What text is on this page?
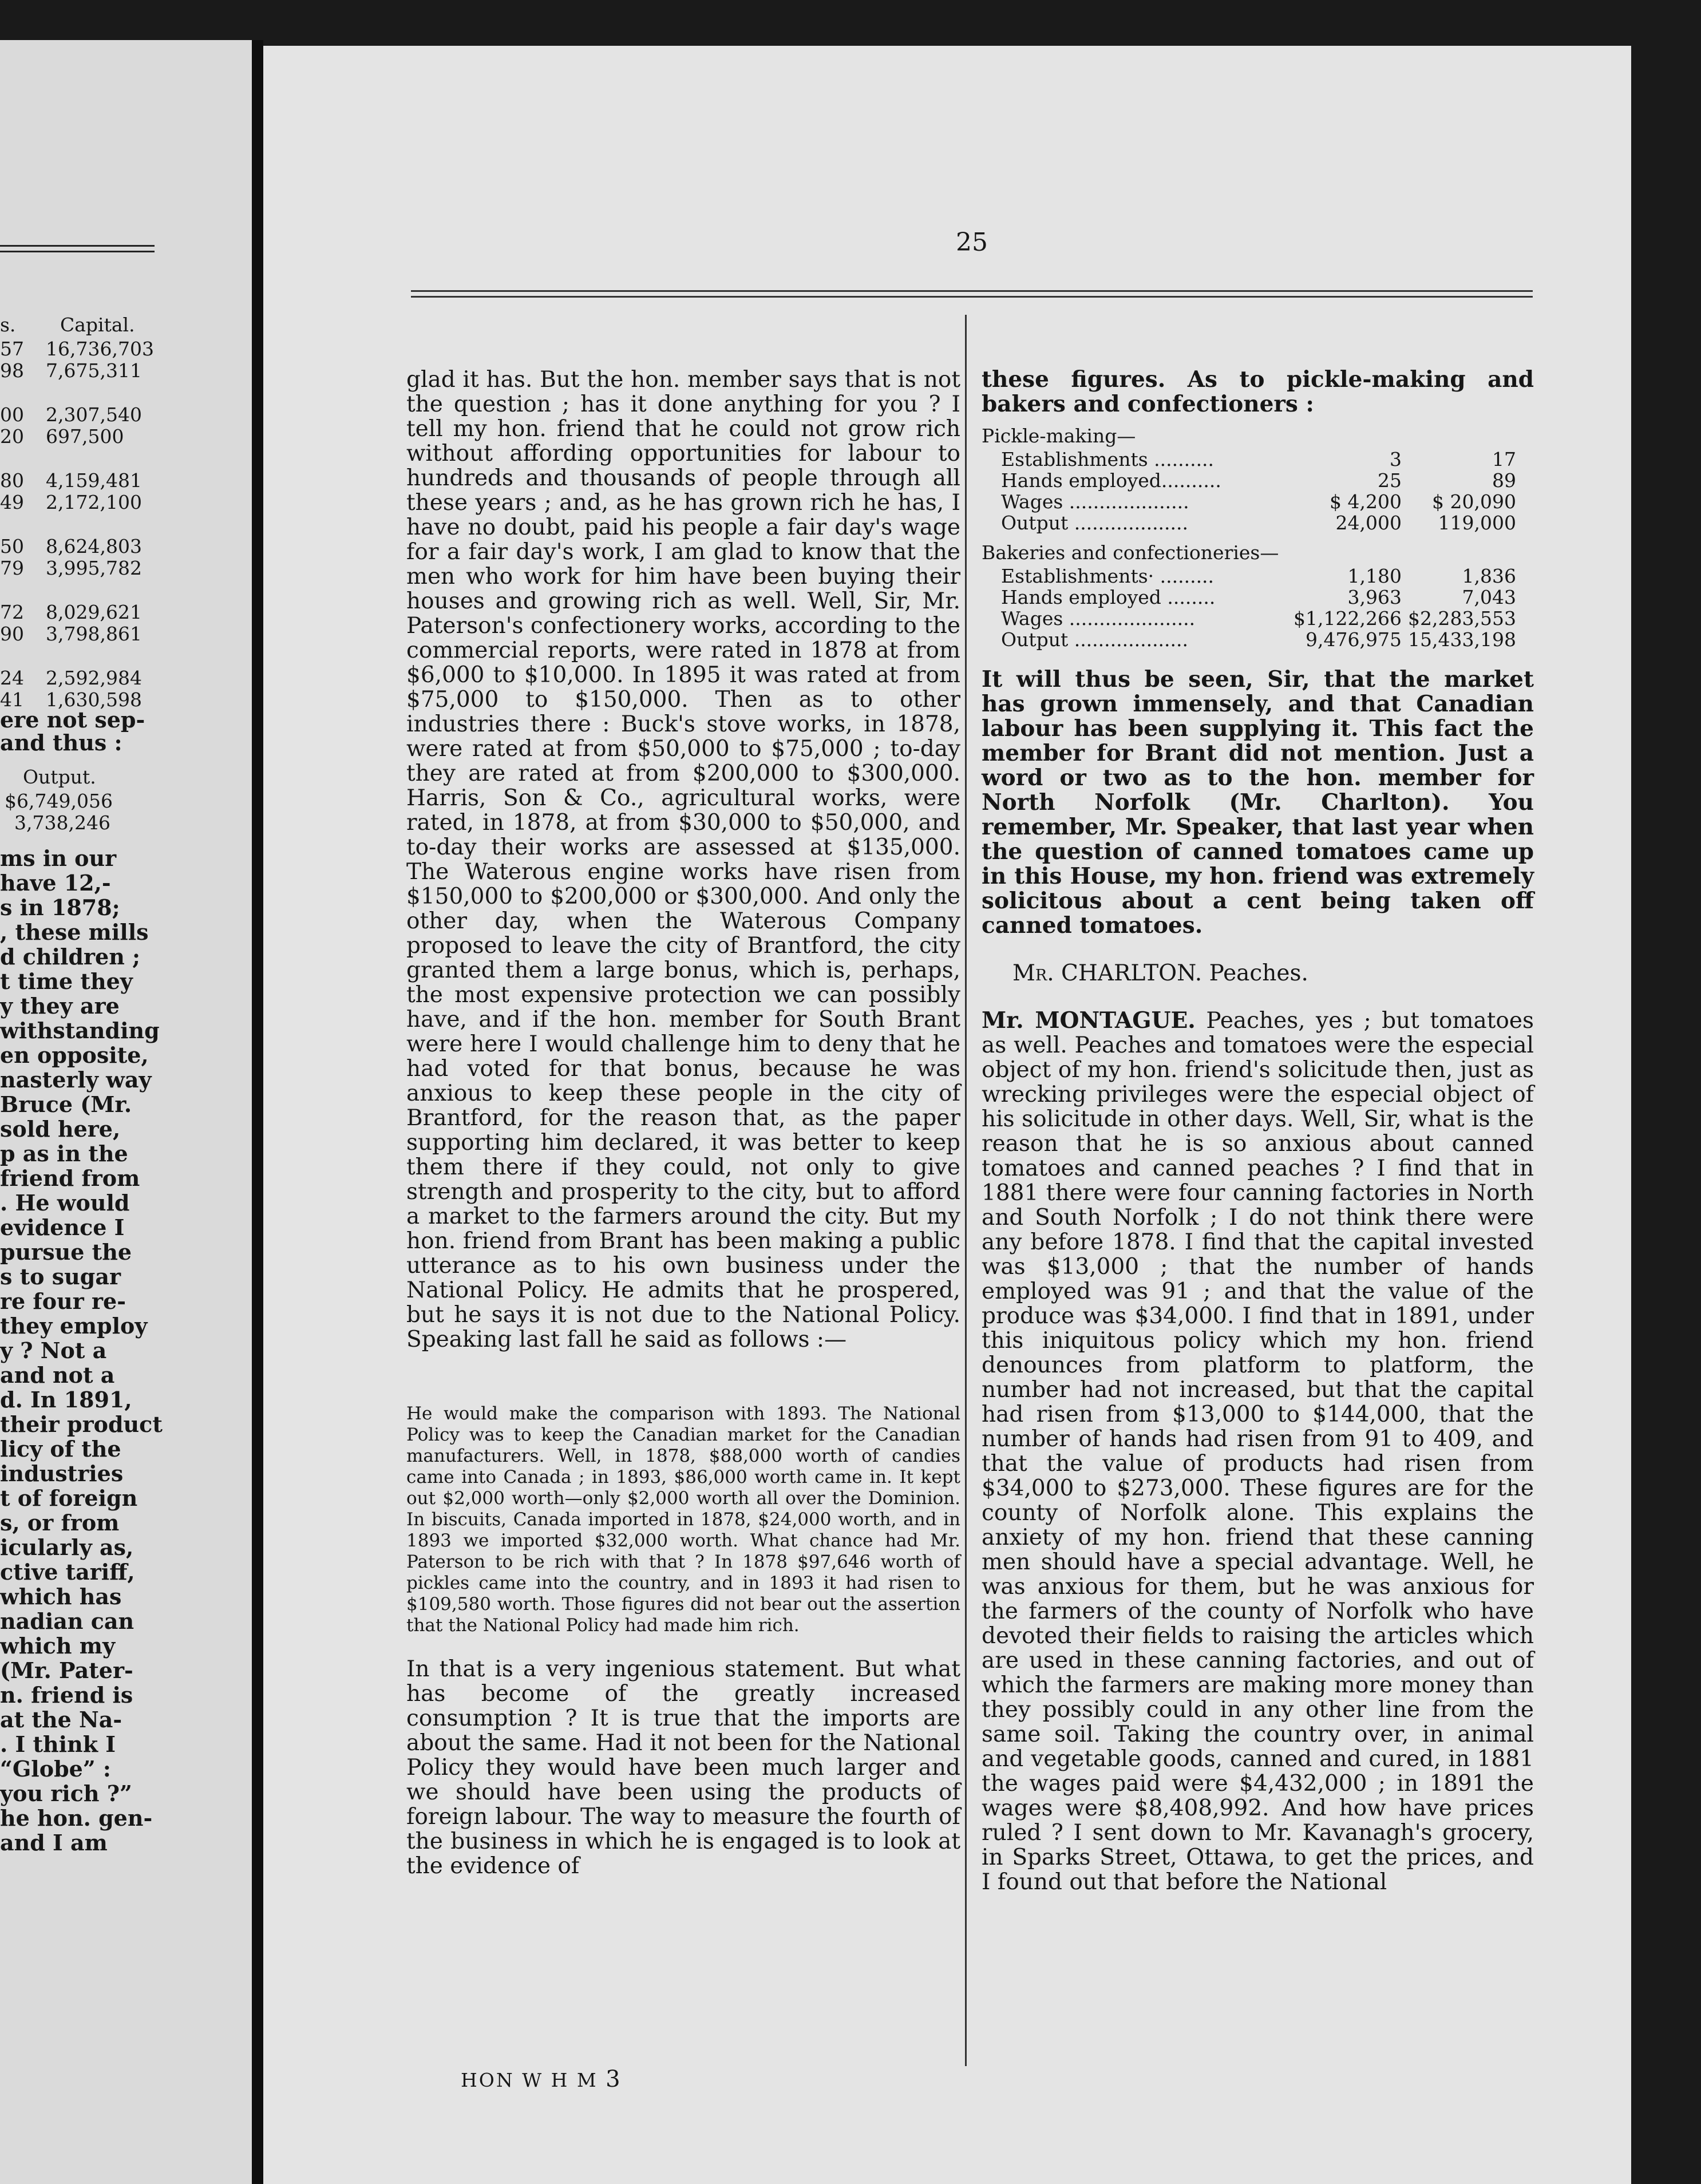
s. Capital.
57 16,736,703
98 7,675,311
00 2,307,540
20 697,500
80 4,159,481
49 2,172,100
50 8,624,803
79 3,995,782
72 8,029,621
90 3,798,861
24 2,592,984
41 1,630,598
ere not sep-
and thus :
Output.
$6,749,056
3,738,246
ms in our
have 12,-
s in 1878;
, these mills
d children ;
t time they
y they are
withstanding
en opposite,
nasterly way
Bruce (Mr.
sold here,
p as in the
friend from
. He would
evidence I
pursue the
s to sugar
re four re-
they employ
y ? Not a
and not a
d. In 1891,
their product
licy of the
industries
t of foreign
s, or from
icularly as,
ctive tariff,
which has
nadian can
which my
(Mr. Pater-
n. friend is
at the Na-
. I think I
“Globe” :
you rich ?”
he hon. gen-
and I am
25

glad it has. But the hon. member says that is not the question ; has it done anything for you ? I tell my hon. friend that he could not grow rich without affording opportunities for labour to hundreds and thousands of people through all these years ; and, as he has grown rich he has, I have no doubt, paid his people a fair day's wage for a fair day's work, I am glad to know that the men who work for him have been buying their houses and growing rich as well. Well, Sir, Mr. Paterson's confectionery works, according to the commercial reports, were rated in 1878 at from $6,000 to $10,000. In 1895 it was rated at from $75,000 to $150,000. Then as to other industries there : Buck's stove works, in 1878, were rated at from $50,000 to $75,000 ; to-day they are rated at from $200,000 to $300,000. Harris, Son & Co., agricultural works, were rated, in 1878, at from $30,000 to $50,000, and to-day their works are assessed at $135,000. The Waterous engine works have risen from $150,000 to $200,000 or $300,000. And only the other day, when the Waterous Company proposed to leave the city of Brantford, the city granted them a large bonus, which is, perhaps, the most expensive protection we can possibly have, and if the hon. member for South Brant were here I would challenge him to deny that he had voted for that bonus, because he was anxious to keep these people in the city of Brantford, for the reason that, as the paper supporting him declared, it was better to keep them there if they could, not only to give strength and prosperity to the city, but to afford a market to the farmers around the city. But my hon. friend from Brant has been making a public utterance as to his own business under the National Policy. He admits that he prospered, but he says it is not due to the National Policy. Speaking last fall he said as follows :—

He would make the comparison with 1893. The National Policy was to keep the Canadian market for the Canadian manufacturers. Well, in 1878, $88,000 worth of candies came into Canada ; in 1893, $86,000 worth came in. It kept out $2,000 worth—only $2,000 worth all over the Dominion. In biscuits, Canada imported in 1878, $24,000 worth, and in 1893 we imported $32,000 worth. What chance had Mr. Paterson to be rich with that ? In 1878 $97,646 worth of pickles came into the country, and in 1893 it had risen to $109,580 worth. Those figures did not bear out the assertion that the National Policy had made him rich.

In that is a very ingenious statement. But what has become of the greatly increased consumption ? It is true that the imports are about the same. Had it not been for the National Policy they would have been much larger and we should have been using the products of foreign labour. The way to measure the fourth of the business in which he is engaged is to look at the evidence of

these figures. As to pickle-making and bakers and confectioners :

Pickle-making—
Establishments ..........	3	17
Hands employed..........	25	89
Wages ....................	$ 4,200	$ 20,090
Output ...................	24,000	119,000
Bakeries and confectioneries—
Establishments· .........	1,180	1,836
Hands employed ........	3,963	7,043
Wages .....................	$1,122,266	$2,283,553
Output ...................	9,476,975	15,433,198

It will thus be seen, Sir, that the market has grown immensely, and that Canadian labour has been supplying it. This fact the member for Brant did not mention. Just a word or two as to the hon. member for North Norfolk (Mr. Charlton). You remember, Mr. Speaker, that last year when the question of canned tomatoes came up in this House, my hon. friend was extremely solicitous about a cent being taken off canned tomatoes.

Mr. CHARLTON. Peaches.

Mr. MONTAGUE. Peaches, yes ; but tomatoes as well. Peaches and tomatoes were the especial object of my hon. friend's solicitude then, just as wrecking privileges were the especial object of his solicitude in other days. Well, Sir, what is the reason that he is so anxious about canned tomatoes and canned peaches ? I find that in 1881 there were four canning factories in North and South Norfolk ; I do not think there were any before 1878. I find that the capital invested was $13,000 ; that the number of hands employed was 91 ; and that the value of the produce was $34,000. I find that in 1891, under this iniquitous policy which my hon. friend denounces from platform to platform, the number had not increased, but that the capital had risen from $13,000 to $144,000, that the number of hands had risen from 91 to 409, and that the value of products had risen from $34,000 to $273,000. These figures are for the county of Norfolk alone. This explains the anxiety of my hon. friend that these canning men should have a special advantage. Well, he was anxious for them, but he was anxious for the farmers of the county of Norfolk who have devoted their fields to raising the articles which are used in these canning factories, and out of which the farmers are making more money than they possibly could in any other line from the same soil. Taking the country over, in animal and vegetable goods, canned and cured, in 1881 the wages paid were $4,432,000 ; in 1891 the wages were $8,408,992. And how have prices ruled ? I sent down to Mr. Kavanagh's grocery, in Sparks Street, Ottawa, to get the prices, and I found out that before the National

HON W H M 3
